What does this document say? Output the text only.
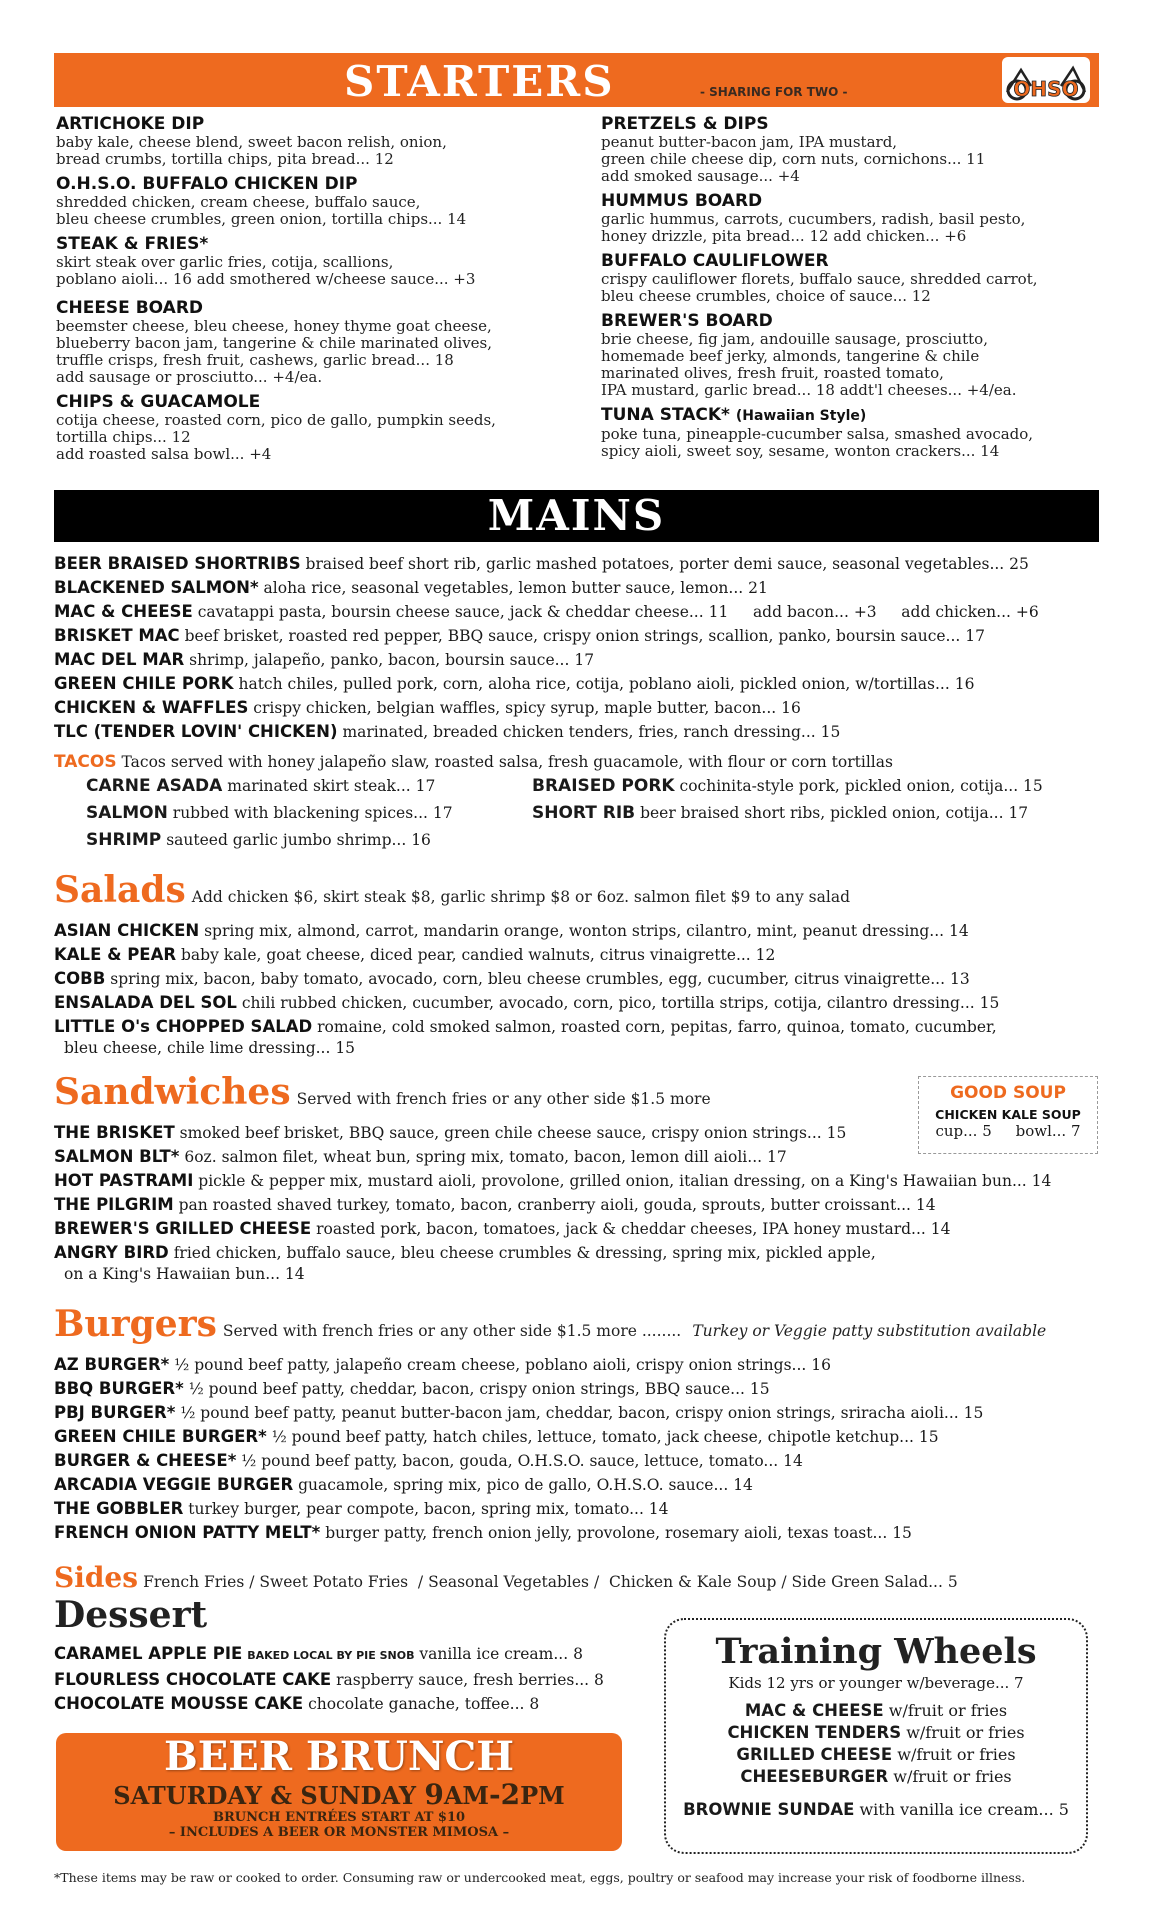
STARTERS	- SHARING FOR TWO -	OHSO
ARTICHOKE DIP
baby kale, cheese blend, sweet bacon relish, onion,
bread crumbs, tortilla chips, pita bread... 12
O.H.S.O. BUFFALO CHICKEN DIP
shredded chicken, cream cheese, buffalo sauce,
bleu cheese crumbles, green onion, tortilla chips... 14
STEAK & FRIES*
skirt steak over garlic fries, cotija, scallions,
poblano aioli... 16 add smothered w/cheese sauce... +3
CHEESE BOARD
beemster cheese, bleu cheese, honey thyme goat cheese,
blueberry bacon jam, tangerine & chile marinated olives,
truffle crisps, fresh fruit, cashews, garlic bread... 18
add sausage or prosciutto... +4/ea.
CHIPS & GUACAMOLE
cotija cheese, roasted corn, pico de gallo, pumpkin seeds,
tortilla chips... 12
add roasted salsa bowl... +4
PRETZELS & DIPS
peanut butter-bacon jam, IPA mustard,
green chile cheese dip, corn nuts, cornichons... 11
add smoked sausage... +4
HUMMUS BOARD
garlic hummus, carrots, cucumbers, radish, basil pesto,
honey drizzle, pita bread... 12 add chicken... +6
BUFFALO CAULIFLOWER
crispy cauliflower florets, buffalo sauce, shredded carrot,
bleu cheese crumbles, choice of sauce... 12
BREWER'S BOARD
brie cheese, fig jam, andouille sausage, prosciutto,
homemade beef jerky, almonds, tangerine & chile
marinated olives, fresh fruit, roasted tomato,
IPA mustard, garlic bread... 18 addt'l cheeses... +4/ea.
TUNA STACK* (Hawaiian Style)
poke tuna, pineapple-cucumber salsa, smashed avocado,
spicy aioli, sweet soy, sesame, wonton crackers... 14
MAINS
BEER BRAISED SHORTRIBS braised beef short rib, garlic mashed potatoes, porter demi sauce, seasonal vegetables... 25
BLACKENED SALMON* aloha rice, seasonal vegetables, lemon butter sauce, lemon... 21
MAC & CHEESE cavatappi pasta, boursin cheese sauce, jack & cheddar cheese... 11     add bacon... +3     add chicken... +6
BRISKET MAC beef brisket, roasted red pepper, BBQ sauce, crispy onion strings, scallion, panko, boursin sauce... 17
MAC DEL MAR shrimp, jalapeño, panko, bacon, boursin sauce... 17
GREEN CHILE PORK hatch chiles, pulled pork, corn, aloha rice, cotija, poblano aioli, pickled onion, w/tortillas... 16
CHICKEN & WAFFLES crispy chicken, belgian waffles, spicy syrup, maple butter, bacon... 16
TLC (TENDER LOVIN' CHICKEN) marinated, breaded chicken tenders, fries, ranch dressing... 15
TACOS Tacos served with honey jalapeño slaw, roasted salsa, fresh guacamole, with flour or corn tortillas
CARNE ASADA marinated skirt steak... 17
SALMON rubbed with blackening spices... 17
SHRIMP sauteed garlic jumbo shrimp... 16
BRAISED PORK cochinita-style pork, pickled onion, cotija... 15
SHORT RIB beer braised short ribs, pickled onion, cotija... 17
Salads Add chicken $6, skirt steak $8, garlic shrimp $8 or 6oz. salmon filet $9 to any salad
ASIAN CHICKEN spring mix, almond, carrot, mandarin orange, wonton strips, cilantro, mint, peanut dressing... 14
KALE & PEAR baby kale, goat cheese, diced pear, candied walnuts, citrus vinaigrette... 12
COBB spring mix, bacon, baby tomato, avocado, corn, bleu cheese crumbles, egg, cucumber, citrus vinaigrette... 13
ENSALADA DEL SOL chili rubbed chicken, cucumber, avocado, corn, pico, tortilla strips, cotija, cilantro dressing... 15
LITTLE O's CHOPPED SALAD romaine, cold smoked salmon, roasted corn, pepitas, farro, quinoa, tomato, cucumber,
bleu cheese, chile lime dressing... 15
Sandwiches Served with french fries or any other side $1.5 more
THE BRISKET smoked beef brisket, BBQ sauce, green chile cheese sauce, crispy onion strings... 15
SALMON BLT* 6oz. salmon filet, wheat bun, spring mix, tomato, bacon, lemon dill aioli... 17
HOT PASTRAMI pickle & pepper mix, mustard aioli, provolone, grilled onion, italian dressing, on a King's Hawaiian bun... 14
THE PILGRIM pan roasted shaved turkey, tomato, bacon, cranberry aioli, gouda, sprouts, butter croissant... 14
BREWER'S GRILLED CHEESE roasted pork, bacon, tomatoes, jack & cheddar cheeses, IPA honey mustard... 14
ANGRY BIRD fried chicken, buffalo sauce, bleu cheese crumbles & dressing, spring mix, pickled apple,
on a King's Hawaiian bun... 14
GOOD SOUP
CHICKEN KALE SOUP
cup... 5     bowl... 7
Burgers Served with french fries or any other side $1.5 more ........ Turkey or Veggie patty substitution available
AZ BURGER* ½ pound beef patty, jalapeño cream cheese, poblano aioli, crispy onion strings... 16
BBQ BURGER* ½ pound beef patty, cheddar, bacon, crispy onion strings, BBQ sauce... 15
PBJ BURGER* ½ pound beef patty, peanut butter-bacon jam, cheddar, bacon, crispy onion strings, sriracha aioli... 15
GREEN CHILE BURGER* ½ pound beef patty, hatch chiles, lettuce, tomato, jack cheese, chipotle ketchup... 15
BURGER & CHEESE* ½ pound beef patty, bacon, gouda, O.H.S.O. sauce, lettuce, tomato... 14
ARCADIA VEGGIE BURGER guacamole, spring mix, pico de gallo, O.H.S.O. sauce... 14
THE GOBBLER turkey burger, pear compote, bacon, spring mix, tomato... 14
FRENCH ONION PATTY MELT* burger patty, french onion jelly, provolone, rosemary aioli, texas toast... 15
Sides French Fries / Sweet Potato Fries  / Seasonal Vegetables /  Chicken & Kale Soup / Side Green Salad... 5
Dessert
CARAMEL APPLE PIE BAKED LOCAL BY PIE SNOB vanilla ice cream... 8
FLOURLESS CHOCOLATE CAKE raspberry sauce, fresh berries... 8
CHOCOLATE MOUSSE CAKE chocolate ganache, toffee... 8
BEER BRUNCH
SATURDAY & SUNDAY 9AM-2PM
BRUNCH ENTRÉES START AT $10
– INCLUDES A BEER OR MONSTER MIMOSA –
Training Wheels
Kids 12 yrs or younger w/beverage... 7
MAC & CHEESE w/fruit or fries
CHICKEN TENDERS w/fruit or fries
GRILLED CHEESE w/fruit or fries
CHEESEBURGER w/fruit or fries
BROWNIE SUNDAE with vanilla ice cream... 5
*These items may be raw or cooked to order. Consuming raw or undercooked meat, eggs, poultry or seafood may increase your risk of foodborne illness.
